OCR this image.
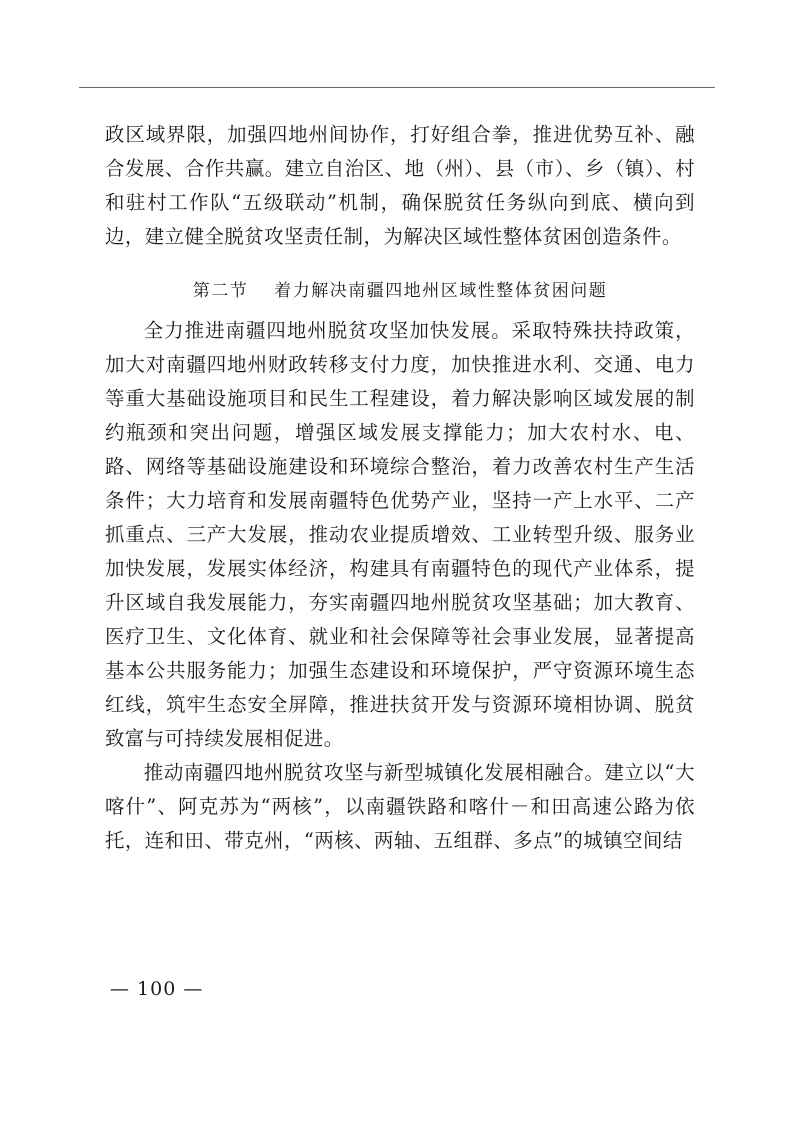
政区域界限，加强四地州间协作，打好组合拳，推进优势互补、融合发展、合作共赢。建立自治区、地（州）、县（市）、乡（镇）、村和驻村工作队“五级联动”机制，确保脱贫任务纵向到底、横向到边，建立健全脱贫攻坚责任制，为解决区域性整体贫困创造条件。

第二节 着力解决南疆四地州区域性整体贫困问题

全力推进南疆四地州脱贫攻坚加快发展。采取特殊扶持政策，加大对南疆四地州财政转移支付力度，加快推进水利、交通、电力等重大基础设施项目和民生工程建设，着力解决影响区域发展的制约瓶颈和突出问题，增强区域发展支撑能力；加大农村水、电、路、网络等基础设施建设和环境综合整治，着力改善农村生产生活条件；大力培育和发展南疆特色优势产业，坚持一产上水平、二产抓重点、三产大发展，推动农业提质增效、工业转型升级、服务业加快发展，发展实体经济，构建具有南疆特色的现代产业体系，提升区域自我发展能力，夯实南疆四地州脱贫攻坚基础；加大教育、医疗卫生、文化体育、就业和社会保障等社会事业发展，显著提高基本公共服务能力；加强生态建设和环境保护，严守资源环境生态红线，筑牢生态安全屏障，推进扶贫开发与资源环境相协调、脱贫致富与可持续发展相促进。

推动南疆四地州脱贫攻坚与新型城镇化发展相融合。建立以“大喀什”、阿克苏为“两核”，以南疆铁路和喀什－和田高速公路为依托，连和田、带克州，“两核、两轴、五组群、多点”的城镇空间结

— 100 —
